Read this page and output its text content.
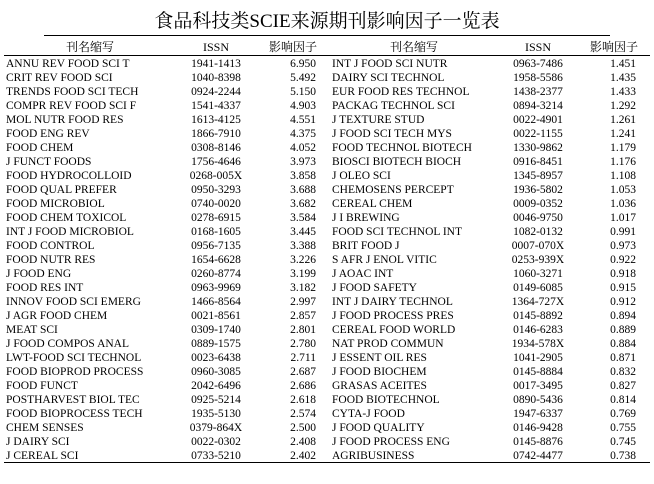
食品科技类SCIE来源期刊影响因子一览表
刊名缩写	ISSN	影响因子
ANNU REV FOOD SCI T	1941-1413	6.950
CRIT REV FOOD SCI	1040-8398	5.492
TRENDS FOOD SCI TECH	0924-2244	5.150
COMPR REV FOOD SCI F	1541-4337	4.903
MOL NUTR FOOD RES	1613-4125	4.551
FOOD ENG REV	1866-7910	4.375
FOOD CHEM	0308-8146	4.052
J FUNCT FOODS	1756-4646	3.973
FOOD HYDROCOLLOID	0268-005X	3.858
FOOD QUAL PREFER	0950-3293	3.688
FOOD MICROBIOL	0740-0020	3.682
FOOD CHEM TOXICOL	0278-6915	3.584
INT J FOOD MICROBIOL	0168-1605	3.445
FOOD CONTROL	0956-7135	3.388
FOOD NUTR RES	1654-6628	3.226
J FOOD ENG	0260-8774	3.199
FOOD RES INT	0963-9969	3.182
INNOV FOOD SCI EMERG	1466-8564	2.997
J AGR FOOD CHEM	0021-8561	2.857
MEAT SCI	0309-1740	2.801
J FOOD COMPOS ANAL	0889-1575	2.780
LWT-FOOD SCI TECHNOL	0023-6438	2.711
FOOD BIOPROD PROCESS	0960-3085	2.687
FOOD FUNCT	2042-6496	2.686
POSTHARVEST BIOL TEC	0925-5214	2.618
FOOD BIOPROCESS TECH	1935-5130	2.574
CHEM SENSES	0379-864X	2.500
J DAIRY SCI	0022-0302	2.408
J CEREAL SCI	0733-5210	2.402
刊名缩写	ISSN	影响因子
INT J FOOD SCI NUTR	0963-7486	1.451
DAIRY SCI TECHNOL	1958-5586	1.435
EUR FOOD RES TECHNOL	1438-2377	1.433
PACKAG TECHNOL SCI	0894-3214	1.292
J TEXTURE STUD	0022-4901	1.261
J FOOD SCI TECH MYS	0022-1155	1.241
FOOD TECHNOL BIOTECH	1330-9862	1.179
BIOSCI BIOTECH BIOCH	0916-8451	1.176
J OLEO SCI	1345-8957	1.108
CHEMOSENS PERCEPT	1936-5802	1.053
CEREAL CHEM	0009-0352	1.036
J I BREWING	0046-9750	1.017
FOOD SCI TECHNOL INT	1082-0132	0.991
BRIT FOOD J	0007-070X	0.973
S AFR J ENOL VITIC	0253-939X	0.922
J AOAC INT	1060-3271	0.918
J FOOD SAFETY	0149-6085	0.915
INT J DAIRY TECHNOL	1364-727X	0.912
J FOOD PROCESS PRES	0145-8892	0.894
CEREAL FOOD WORLD	0146-6283	0.889
NAT PROD COMMUN	1934-578X	0.884
J ESSENT OIL RES	1041-2905	0.871
J FOOD BIOCHEM	0145-8884	0.832
GRASAS ACEITES	0017-3495	0.827
FOOD BIOTECHNOL	0890-5436	0.814
CYTA-J FOOD	1947-6337	0.769
J FOOD QUALITY	0146-9428	0.755
J FOOD PROCESS ENG	0145-8876	0.745
AGRIBUSINESS	0742-4477	0.738
